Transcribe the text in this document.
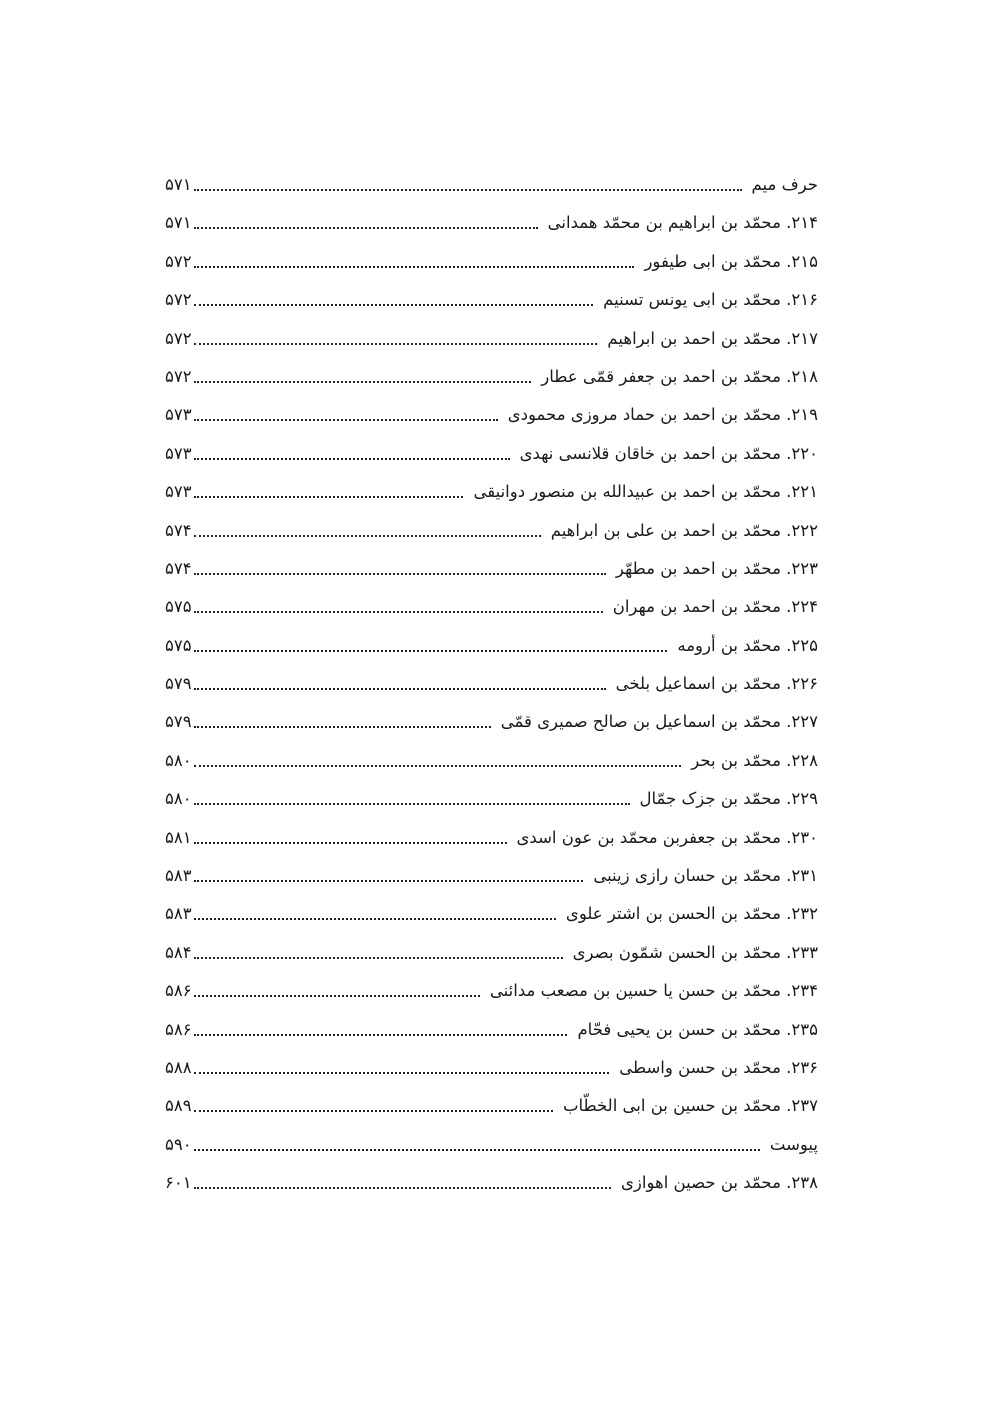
حرف میم
۵۷۱
۲۱۴. محمّد بن ابراهیم بن محمّد همدانی
۵۷۱
۲۱۵. محمّد بن ابی طیفور
۵۷۲
۲۱۶. محمّد بن ابی یونس تسنیم
۵۷۲
۲۱۷. محمّد بن احمد بن ابراهیم
۵۷۲
۲۱۸. محمّد بن احمد بن جعفر قمّی عطار
۵۷۲
۲۱۹. محمّد بن احمد بن حماد مروزی محمودی
۵۷۳
۲۲۰. محمّد بن احمد بن خاقان قلانسی نهدی
۵۷۳
۲۲۱. محمّد بن احمد بن عبیدالله بن منصور دوانیقی
۵۷۳
۲۲۲. محمّد بن احمد بن علی بن ابراهیم
۵۷۴
۲۲۳. محمّد بن احمد بن مطهّر
۵۷۴
۲۲۴. محمّد بن احمد بن مهران
۵۷۵
۲۲۵. محمّد بن أرومه
۵۷۵
۲۲۶. محمّد بن اسماعیل بلخی
۵۷۹
۲۲۷. محمّد بن اسماعیل بن صالح صمیری قمّی
۵۷۹
۲۲۸. محمّد بن بحر
۵۸۰
۲۲۹. محمّد بن جزک جمّال
۵۸۰
۲۳۰. محمّد بن جعفربن محمّد بن عون اسدی
۵۸۱
۲۳۱. محمّد بن حسان رازی زینبی
۵۸۳
۲۳۲. محمّد بن الحسن بن اشتر علوی
۵۸۳
۲۳۳. محمّد بن الحسن شمّون بصری
۵۸۴
۲۳۴. محمّد بن حسن یا حسین بن مصعب مدائنی
۵۸۶
۲۳۵. محمّد بن حسن بن یحیی فحّام
۵۸۶
۲۳۶. محمّد بن حسن واسطی
۵۸۸
۲۳۷. محمّد بن حسین بن ابی الخطّاب
۵۸۹
پیوست
۵۹۰
۲۳۸. محمّد بن حصین اهوازی
۶۰۱
